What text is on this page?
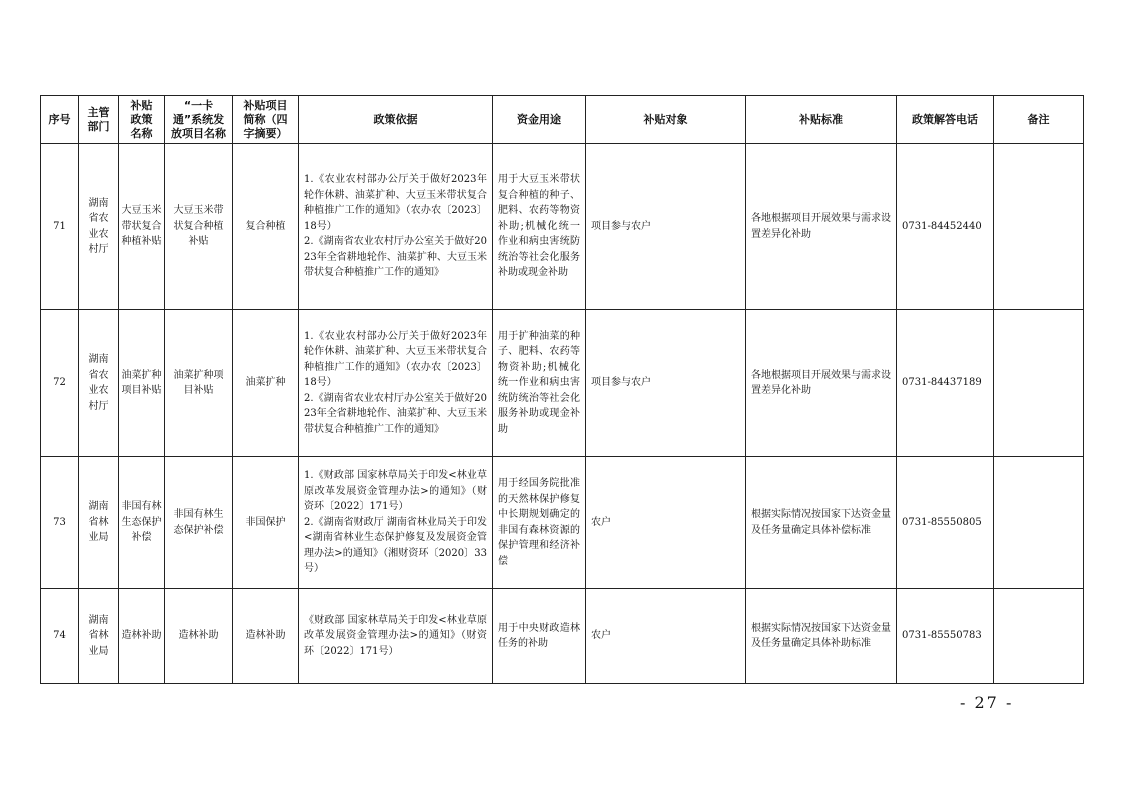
序号	主管部门	补贴政策名称	“一卡通”系统发放项目名称	补贴项目简称（四字摘要）	政策依据	资金用途	补贴对象	补贴标准	政策解答电话	备注
71	湖南省农业农村厅	大豆玉米带状复合种植补贴	大豆玉米带状复合种植补贴	复合种植	1.《农业农村部办公厅关于做好2023年轮作休耕、油菜扩种、大豆玉米带状复合种植推广工作的通知》（农办农〔2023〕18号）
2.《湖南省农业农村厅办公室关于做好2023年全省耕地轮作、油菜扩种、大豆玉米带状复合种植推广工作的通知》	用于大豆玉米带状复合种植的种子、肥料、农药等物资补助;机械化统一作业和病虫害统防统治等社会化服务补助或现金补助	项目参与农户	各地根据项目开展效果与需求设置差异化补助	0731-84452440	
72	湖南省农业农村厅	油菜扩种项目补贴	油菜扩种项目补贴	油菜扩种	1.《农业农村部办公厅关于做好2023年轮作休耕、油菜扩种、大豆玉米带状复合种植推广工作的通知》（农办农〔2023〕18号）
2.《湖南省农业农村厅办公室关于做好2023年全省耕地轮作、油菜扩种、大豆玉米带状复合种植推广工作的通知》	用于扩种油菜的种子、肥料、农药等物资补助;机械化统一作业和病虫害统防统治等社会化服务补助或现金补助	项目参与农户	各地根据项目开展效果与需求设置差异化补助	0731-84437189	
73	湖南省林业局	非国有林生态保护补偿	非国有林生态保护补偿	非国保护	1.《财政部 国家林草局关于印发<林业草原改革发展资金管理办法>的通知》（财资环〔2022〕171号）
2.《湖南省财政厅 湖南省林业局关于印发<湖南省林业生态保护修复及发展资金管理办法>的通知》（湘财资环〔2020〕33号）	用于经国务院批准的天然林保护修复中长期规划确定的非国有森林资源的保护管理和经济补偿	农户	根据实际情况按国家下达资金量及任务量确定具体补偿标准	0731-85550805	
74	湖南省林业局	造林补助	造林补助	造林补助	《财政部 国家林草局关于印发<林业草原改革发展资金管理办法>的通知》（财资环〔2022〕171号）	用于中央财政造林任务的补助	农户	根据实际情况按国家下达资金量及任务量确定具体补助标准	0731-85550783	
- 27 -
